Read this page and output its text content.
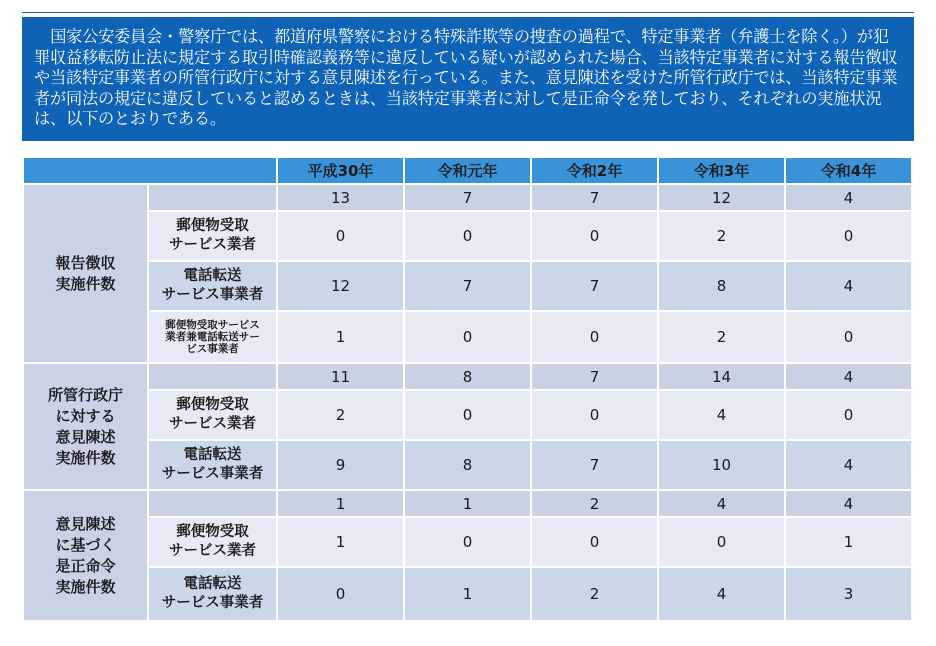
国家公安委員会・警察庁では、都道府県警察における特殊詐欺等の捜査の過程で、特定事業者（弁護士を除く。）が犯罪収益移転防止法に規定する取引時確認義務等に違反している疑いが認められた場合、当該特定事業者に対する報告徴収や当該特定事業者の所管行政庁に対する意見陳述を行っている。また、意見陳述を受けた所管行政庁では、当該特定事業者が同法の規定に違反していると認めるときは、当該特定事業者に対して是正命令を発しており、それぞれの実施状況は、以下のとおりである。
		平成30年	令和元年	令和2年	令和3年	令和4年
報告徴収
実施件数		13	7	7	12	4
	郵便物受取
サービス業者	0	0	0	2	0
	電話転送
サービス事業者	12	7	7	8	4
	郵便物受取サービス
業者兼電話転送サー
ビス事業者	1	0	0	2	0
所管行政庁
に対する
意見陳述
実施件数		11	8	7	14	4
	郵便物受取
サービス業者	2	0	0	4	0
	電話転送
サービス事業者	9	8	7	10	4
意見陳述
に基づく
是正命令
実施件数		1	1	2	4	4
	郵便物受取
サービス業者	1	0	0	0	1
	電話転送
サービス事業者	0	1	2	4	3
